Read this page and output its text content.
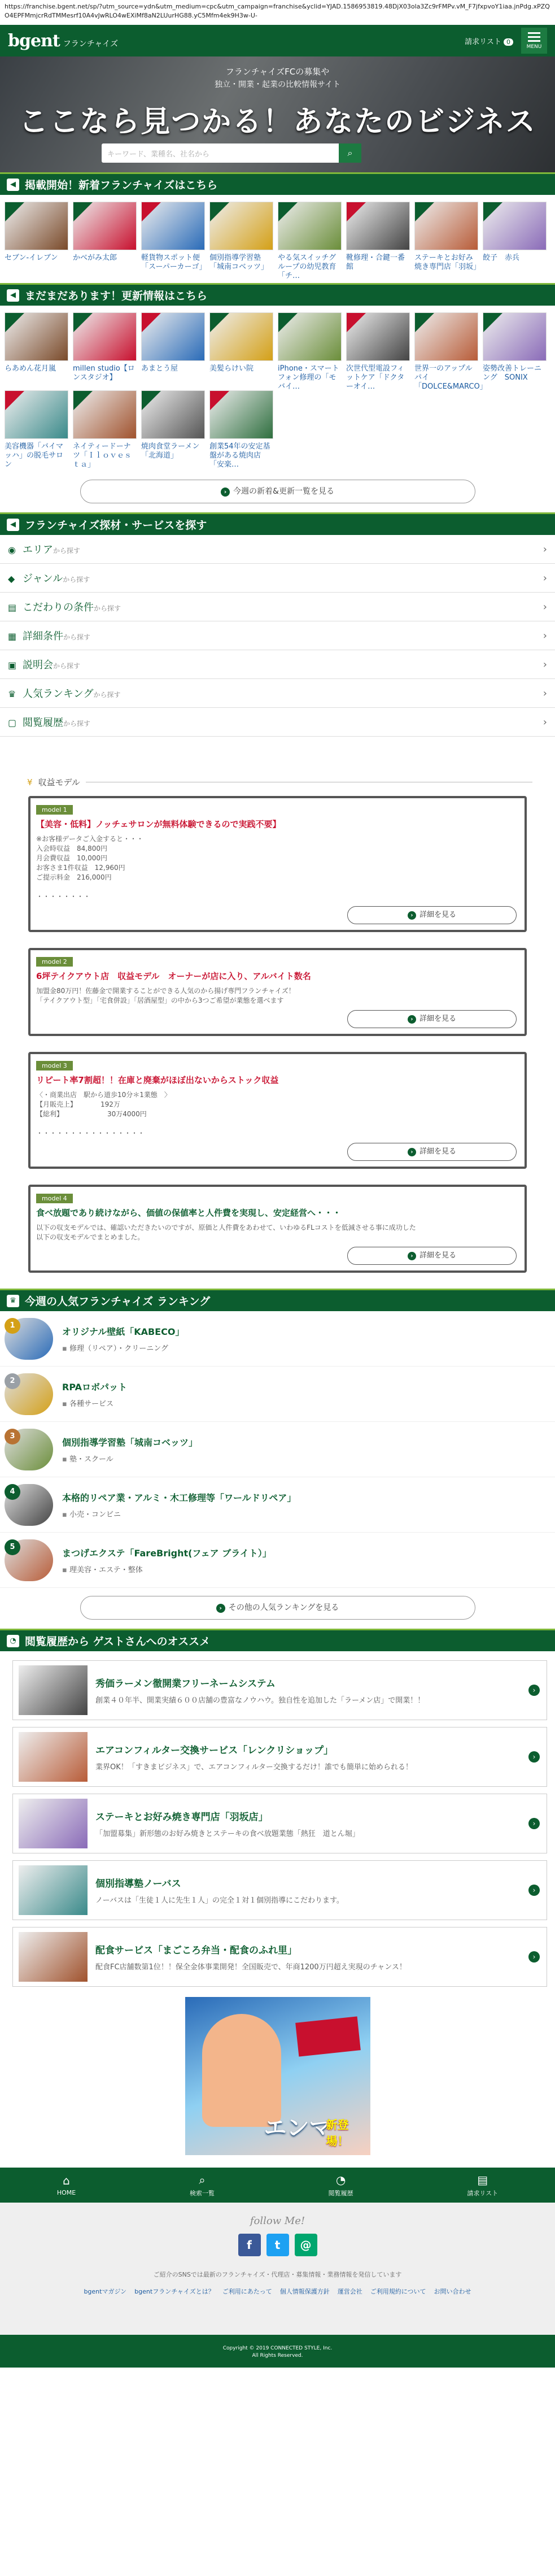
https://franchise.bgent.net/sp/?utm_source=ydn&utm_medium=cpc&utm_campaign=franchise&yclid=YJAD.1586953819.48DjX03ola3Zc9rFMPv.vM_F7jfxpvoY1iaa.jnPdg.xPZQO4EPFMmjcrRdTMMesrf10A4vJwRLO4wEXiMf8aN2LUurHG88.yC5Mfm4ek9H3w-U-
bgent フランチャイズ	請求リスト 0
MENU
フランチャイズFCの募集や
独立・開業・起業の比較情報サイト
ここなら見つかる！あなたのビジネス
キーワード、業種名、社名から	⌕
◀ 掲載開始！新着フランチャイズはこちら
セブン-イレブン	かべがみ太郎	軽貨物スポット便「スーパーカーゴ」
個別指導学習塾「城南コベッツ」
やる気スイッチグループの幼児教育「チ…
靴修理・合鍵一番館
ステーキとお好み焼き専門店「羽坂」
餃子　赤兵
◀ まだまだあります！更新情報はこちら
らあめん花月嵐	millen studio【ロンスタジオ】
あまとう屋	美髪らけい院	iPhone・スマートフォン修理の「モバイ…
次世代型電設フィットケア「ドクターオイ…
世界一のアップルパイ「DOLCE&MARCO」
姿勢改善トレーニング　SONIX
美容機器「バイマッハ」の脱毛サロン
ネイティードーナツ「Ｉｌｏｖｅｓｔａ」
焼肉食堂ラーメン「北海道」
創業54年の安定基盤がある焼肉店「安楽…
› 今週の新着&更新一覧を見る
◀ フランチャイズ探材・サービスを探す
◉ エリアから探す	›
◆ ジャンルから探す	›
▤ こだわりの条件から探す	›
▦ 詳細条件から探す	›
▣ 説明会から探す	›
♛ 人気ランキングから探す	›
▢ 閲覧履歴から探す	›
¥ 収益モデル
model 1
【美容・低料】ノッチェサロンが無料体験できるので実践不要】
※お客様データご入金すると・・・
入会時収益　84,800円
月会費収益　10,000円
お客さま1件収益　12,960円
ご提示料金　216,000円

・・・・・・・・
› 詳細を見る
model 2
6坪テイクアウト店　収益モデル　オーナーが店に入り、アルバイト数名
加盟金80万円！佐藤金で開業することができる人気のから揚げ専門フランチャイズ！
「テイクアウト型」「宅食併設」「居酒屋型」の中から3つご希望が業態を選べます
› 詳細を見る
model 3
リピート率7割超！！在庫と廃棄がほぼ出ないからストック収益
〈・商業出店　駅から道歩10分＊1業態　〉
【月販売上】　　　　192万
【総利】　　　　　　　30万4000円

・・・・・・・・・・・・・・・・
› 詳細を見る
model 4
食べ放題であり続けながら、価値の保値率と人件費を実現し、安定経営へ・・・
以下の収支モデルでは、確認いただきたいのですが、原価と人件費をあわせて、いわゆるFLコストを低減させる事に成功した
以下の収支モデルでまとめました。
› 詳細を見る
♛ 今週の人気フランチャイズ ランキング
1
オリジナル壁紙「KABECO」
▪ 修理（リペア）・クリーニング
2
RPAロボパット
▪ 各種サービス
3
個別指導学習塾「城南コベッツ」
▪ 塾・スクール
4
本格的リペア業・アルミ・木工修理等「ワールドリペア」
▪ 小売・コンビニ
5
まつげエクステ「FareBright(フェア ブライト）」
▪ 理美容・エステ・整体
› その他の人気ランキングを見る
◔ 閲覧履歴から ゲストさんへのオススメ
秀価ラーメン徹開業フリーネームシステム
創業４０年半、開業実績６００店舗の豊富なノウハウ。独自性を追加した「ラーメン店」で開業！！
›
エアコンフィルター交換サービス「レンクリショップ」
業界OK！「すきまビジネス」で、エアコンフィルター交換するだけ！誰でも簡単に始められる！
›
ステーキとお好み焼き専門店「羽坂店」
「加盟募集」新形態のお好み焼きとステーキの食べ放題業態「熱狂　道とん堀」
›
個別指導塾ノーバス
ノーバスは「生徒１人に先生１人」の完全１対１個別指導にこだわります。
›
配食サービス「まごころ弁当・配食のふれ里」
配食FC店舗数第1位！！保全金体事業開発！全国販売で、年商1200万円超え実現のチャンス！
›
エンマ
新登場！
⌂
HOME
⌕
検索一覧
◔
閲覧履歴
▤
請求リスト
follow Me!
f	t	@
ご紹介のSNSでは最新のフランチャイズ・代理店・募集情報・業務情報を発信しています
bgentマガジン bgentフランチャイズとは？ ご利用にあたって 個人情報保護方針 運営会社 ご利用規約について お問い合わせ
Copyright © 2019 CONNECTED STYLE, Inc.
All Rights Reserved.
